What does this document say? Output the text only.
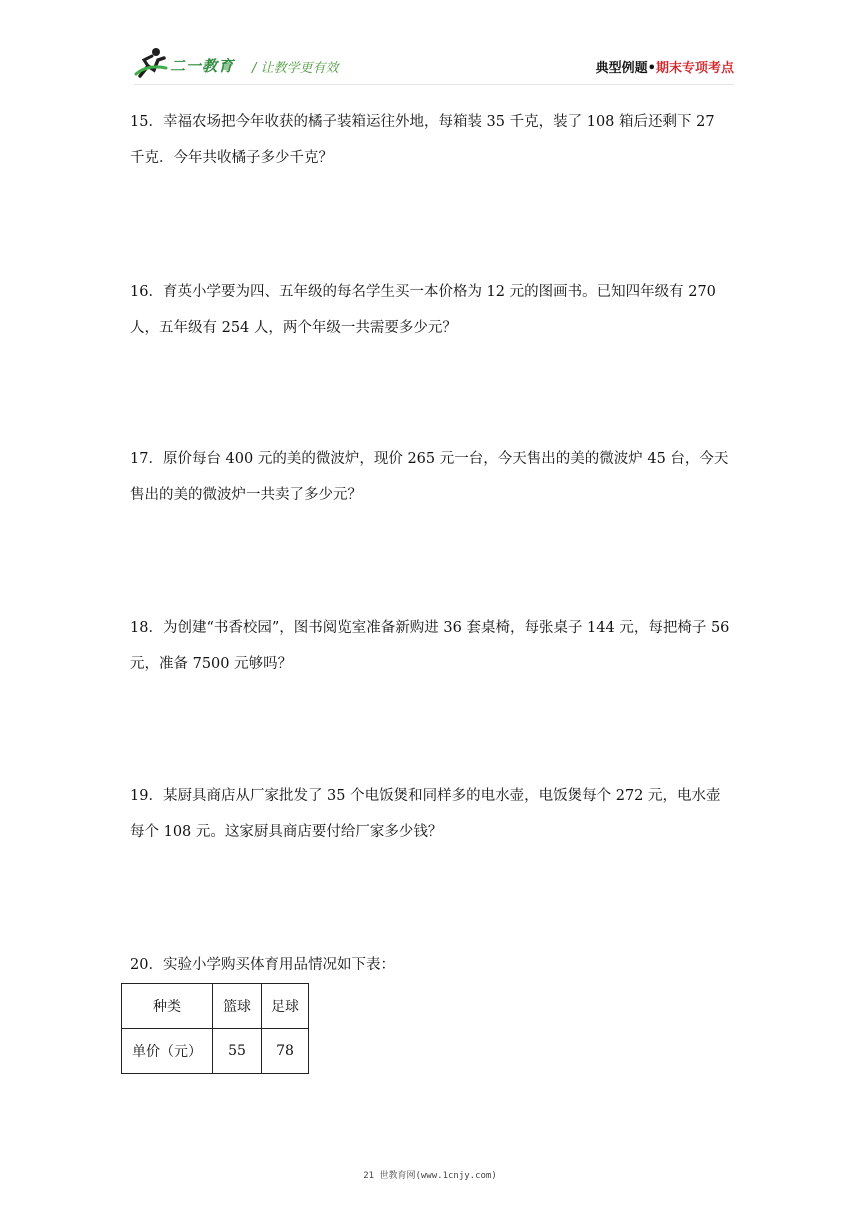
二一教育 / 让教学更有效	典型例题•期末专项考点

15．幸福农场把今年收获的橘子装箱运往外地，每箱装 35 千克，装了 108 箱后还剩下 27

千克．今年共收橘子多少千克？

16．育英小学要为四、五年级的每名学生买一本价格为 12 元的图画书。已知四年级有 270

人，五年级有 254 人，两个年级一共需要多少元？

17．原价每台 400 元的美的微波炉，现价 265 元一台，今天售出的美的微波炉 45 台，今天

售出的美的微波炉一共卖了多少元？

18．为创建“书香校园”，图书阅览室准备新购进 36 套桌椅，每张桌子 144 元，每把椅子 56

元，准备 7500 元够吗？

19．某厨具商店从厂家批发了 35 个电饭煲和同样多的电水壶，电饭煲每个 272 元，电水壶

每个 108 元。这家厨具商店要付给厂家多少钱？

20．实验小学购买体育用品情况如下表：

种类	篮球	足球
单价（元）	55	78
21 世教育网(www.1cnjy.com)
